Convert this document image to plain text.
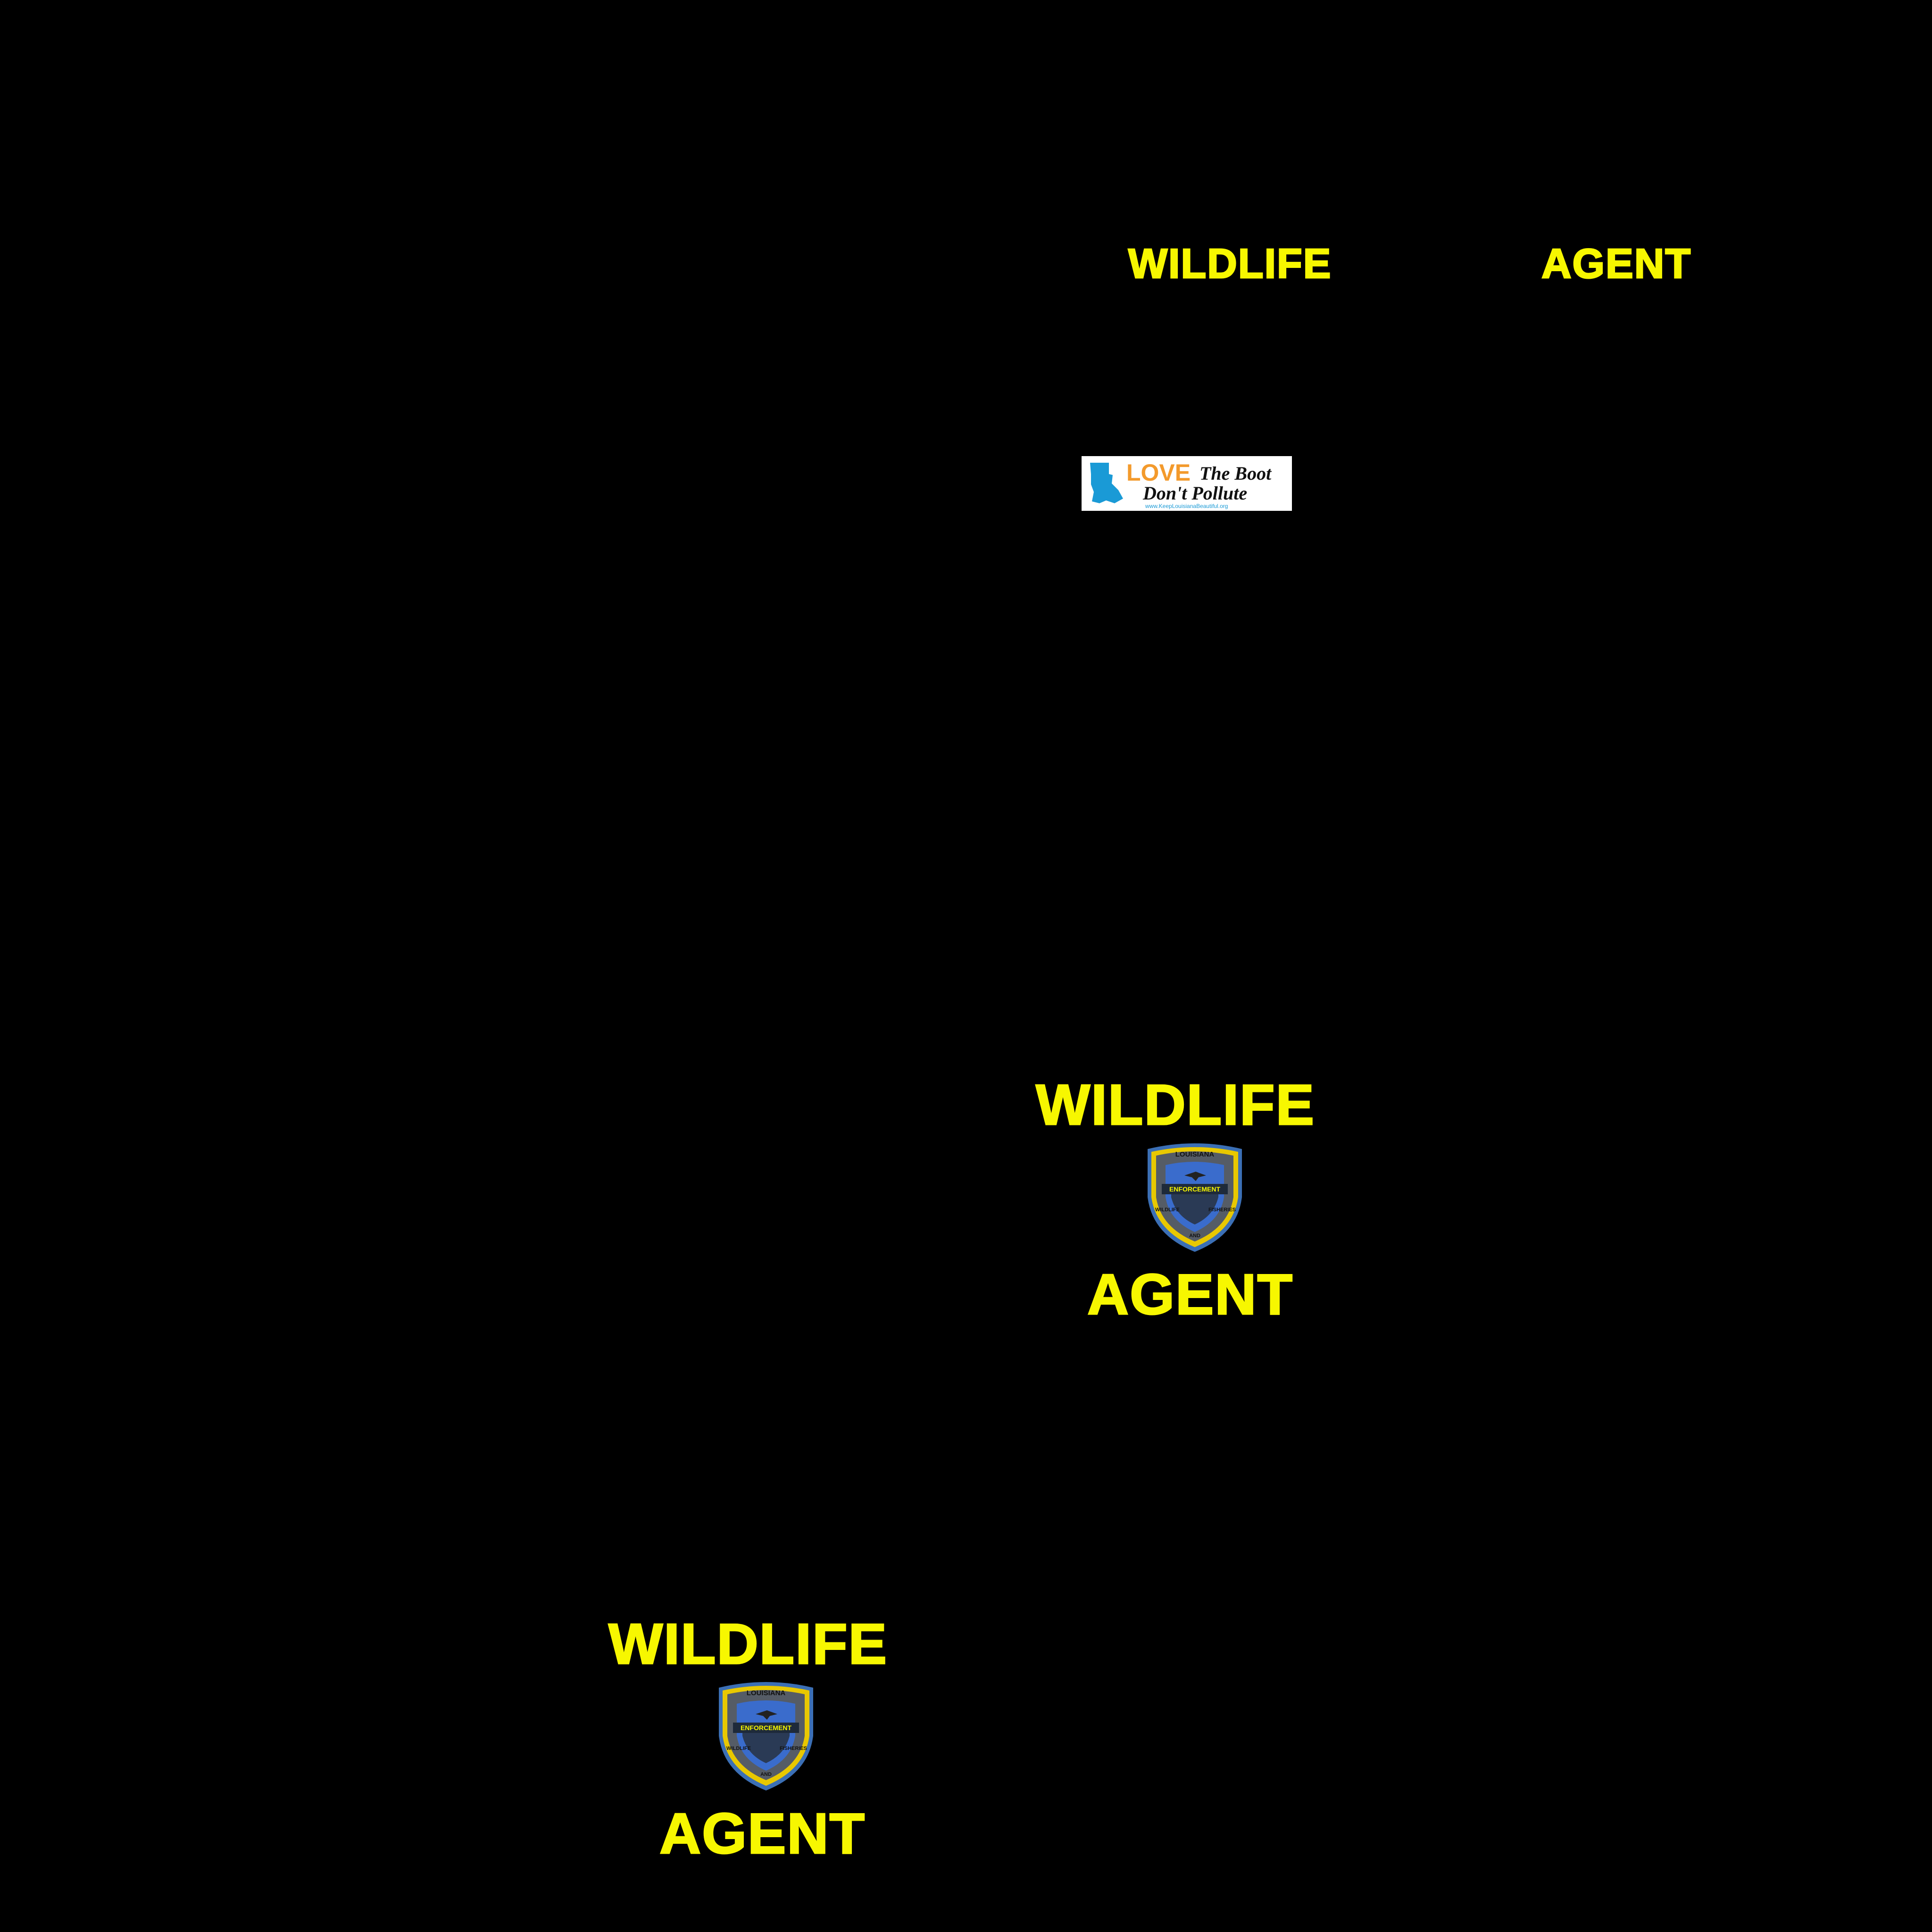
WILDLIFE	AGENT
LOVE The Boot
Don't Pollute
www.KeepLouisianaBeautiful.org
WILDLIFE
LOUISIANA
ENFORCEMENT
WILDLIFE
AND
FISHERIES
AGENT
WILDLIFE
LOUISIANA
ENFORCEMENT
WILDLIFE
AND
FISHERIES
AGENT
